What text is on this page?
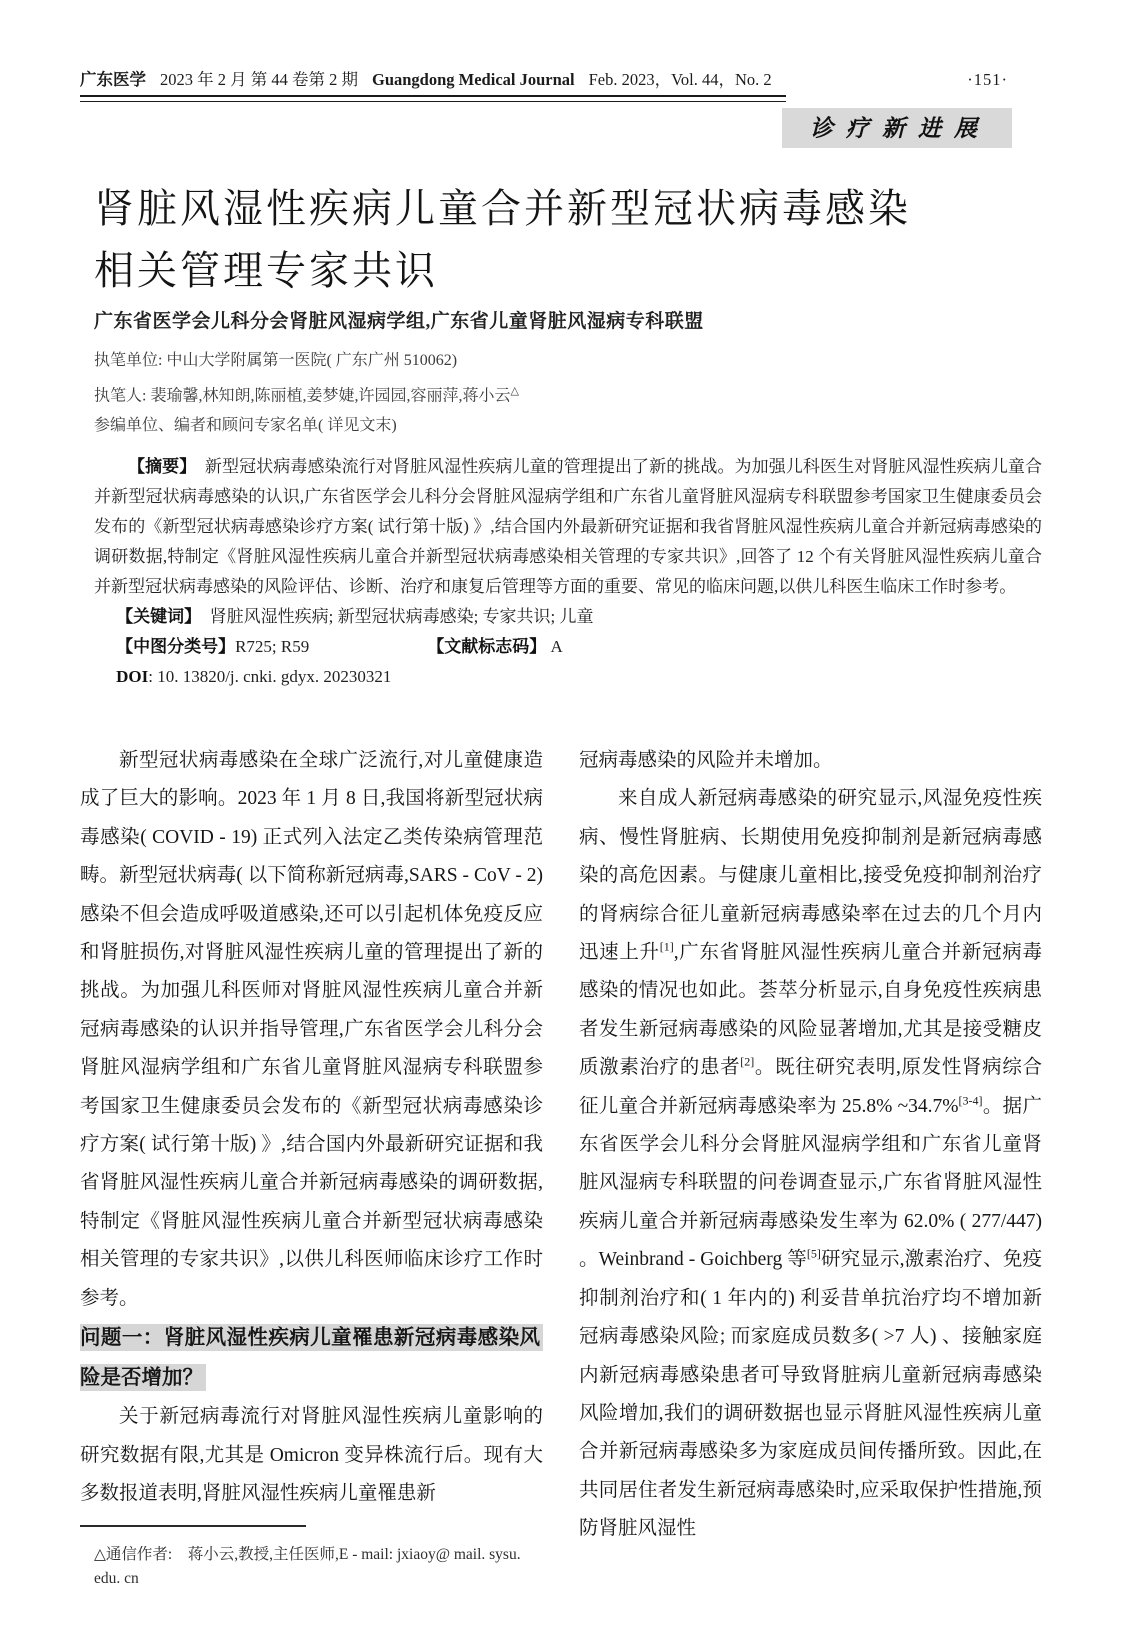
广东医学 2023 年 2 月 第 44 卷第 2 期 Guangdong Medical Journal Feb. 2023，Vol. 44，No. 2	·151·
诊疗新进展
肾脏风湿性疾病儿童合并新型冠状病毒感染
相关管理专家共识
广东省医学会儿科分会肾脏风湿病学组,广东省儿童肾脏风湿病专科联盟
执笔单位: 中山大学附属第一医院( 广东广州 510062)
执笔人: 裴瑜馨,林知朗,陈丽植,姜梦婕,许园园,容丽萍,蒋小云△
参编单位、编者和顾问专家名单( 详见文末)

【摘要】　新型冠状病毒感染流行对肾脏风湿性疾病儿童的管理提出了新的挑战。为加强儿科医生对肾脏风湿性疾病儿童合并新型冠状病毒感染的认识,广东省医学会儿科分会肾脏风湿病学组和广东省儿童肾脏风湿病专科联盟参考国家卫生健康委员会发布的《新型冠状病毒感染诊疗方案( 试行第十版) 》,结合国内外最新研究证据和我省肾脏风湿性疾病儿童合并新冠病毒感染的调研数据,特制定《肾脏风湿性疾病儿童合并新型冠状病毒感染相关管理的专家共识》,回答了 12 个有关肾脏风湿性疾病儿童合并新型冠状病毒感染的风险评估、诊断、治疗和康复后管理等方面的重要、常见的临床问题,以供儿科医生临床工作时参考。

【关键词】　肾脏风湿性疾病; 新型冠状病毒感染; 专家共识; 儿童

【中图分类号】R725; R59	【文献标志码】 A

DOI: 10. 13820/j. cnki. gdyx. 20230321

新型冠状病毒感染在全球广泛流行,对儿童健康造成了巨大的影响。2023 年 1 月 8 日,我国将新型冠状病毒感染( COVID - 19) 正式列入法定乙类传染病管理范畴。新型冠状病毒( 以下简称新冠病毒,SARS - CoV - 2) 感染不但会造成呼吸道感染,还可以引起机体免疫反应和肾脏损伤,对肾脏风湿性疾病儿童的管理提出了新的挑战。为加强儿科医师对肾脏风湿性疾病儿童合并新冠病毒感染的认识并指导管理,广东省医学会儿科分会肾脏风湿病学组和广东省儿童肾脏风湿病专科联盟参考国家卫生健康委员会发布的《新型冠状病毒感染诊疗方案( 试行第十版) 》,结合国内外最新研究证据和我省肾脏风湿性疾病儿童合并新冠病毒感染的调研数据,特制定《肾脏风湿性疾病儿童合并新型冠状病毒感染相关管理的专家共识》,以供儿科医师临床诊疗工作时参考。

问题一：肾脏风湿性疾病儿童罹患新冠病毒感染风险是否增加？

关于新冠病毒流行对肾脏风湿性疾病儿童影响的研究数据有限,尤其是 Omicron 变异株流行后。现有大多数报道表明,肾脏风湿性疾病儿童罹患新

△通信作者:　蒋小云,教授,主任医师,E - mail: jxiaoy@ mail. sysu. edu. cn

冠病毒感染的风险并未增加。

来自成人新冠病毒感染的研究显示,风湿免疫性疾病、慢性肾脏病、长期使用免疫抑制剂是新冠病毒感染的高危因素。与健康儿童相比,接受免疫抑制剂治疗的肾病综合征儿童新冠病毒感染率在过去的几个月内迅速上升[1],广东省肾脏风湿性疾病儿童合并新冠病毒感染的情况也如此。荟萃分析显示,自身免疫性疾病患者发生新冠病毒感染的风险显著增加,尤其是接受糖皮质激素治疗的患者[2]。既往研究表明,原发性肾病综合征儿童合并新冠病毒感染率为 25.8% ~34.7%[3-4]。据广东省医学会儿科分会肾脏风湿病学组和广东省儿童肾脏风湿病专科联盟的问卷调查显示,广东省肾脏风湿性疾病儿童合并新冠病毒感染发生率为 62.0% ( 277/447) 。Weinbrand - Goichberg 等[5]研究显示,激素治疗、免疫抑制剂治疗和( 1 年内的) 利妥昔单抗治疗均不增加新冠病毒感染风险; 而家庭成员数多( >7 人) 、接触家庭内新冠病毒感染患者可导致肾脏病儿童新冠病毒感染风险增加,我们的调研数据也显示肾脏风湿性疾病儿童合并新冠病毒感染多为家庭成员间传播所致。因此,在共同居住者发生新冠病毒感染时,应采取保护性措施,预防肾脏风湿性
